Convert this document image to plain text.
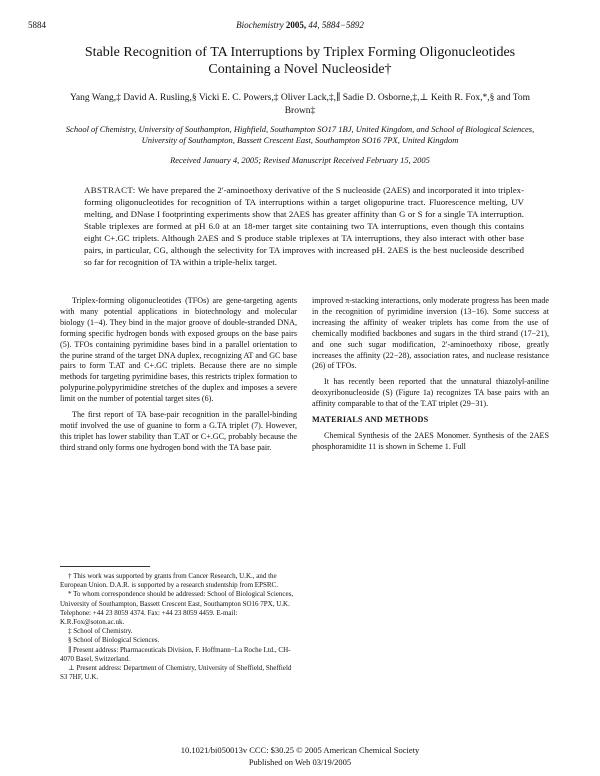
5884	Biochemistry 2005, 44, 5884−5892
Stable Recognition of TA Interruptions by Triplex Forming Oligonucleotides Containing a Novel Nucleoside†
Yang Wang,‡ David A. Rusling,§ Vicki E. C. Powers,‡ Oliver Lack,‡,∥ Sadie D. Osborne,‡,⊥ Keith R. Fox,*,§ and Tom Brown‡
School of Chemistry, University of Southampton, Highfield, Southampton SO17 1BJ, United Kingdom, and School of Biological Sciences, University of Southampton, Bassett Crescent East, Southampton SO16 7PX, United Kingdom
Received January 4, 2005; Revised Manuscript Received February 15, 2005
ABSTRACT: We have prepared the 2′-aminoethoxy derivative of the S nucleoside (2AES) and incorporated it into triplex-forming oligonucleotides for recognition of TA interruptions within a target oligopurine tract. Fluorescence melting, UV melting, and DNase I footprinting experiments show that 2AES has greater affinity than G or S for a single TA interruption. Stable triplexes are formed at pH 6.0 at an 18-mer target site containing two TA interruptions, even though this contains eight C+.GC triplets. Although 2AES and S produce stable triplexes at TA interruptions, they also interact with other base pairs, in particular, CG, although the selectivity for TA improves with increased pH. 2AES is the best nucleoside described so far for recognition of TA within a triple-helix target.

Triplex-forming oligonucleotides (TFOs) are gene-targeting agents with many potential applications in biotechnology and molecular biology (1−4). They bind in the major groove of double-stranded DNA, forming specific hydrogen bonds with exposed groups on the base pairs (5). TFOs containing pyrimidine bases bind in a parallel orientation to the purine strand of the target DNA duplex, recognizing AT and GC base pairs to form T.AT and C+.GC triplets. Because there are no simple methods for targeting pyrimidine bases, this restricts triplex formation to polypurine.polypyrimidine stretches of the duplex and imposes a severe limit on the number of potential target sites (6).

The first report of TA base-pair recognition in the parallel-binding motif involved the use of guanine to form a G.TA triplet (7). However, this triplet has lower stability than T.AT or C+.GC, probably because the third strand only forms one hydrogen bond with the TA base pair.

† This work was supported by grants from Cancer Research, U.K., and the European Union. D.A.R. is supported by a research studentship from EPSRC.
* To whom correspondence should be addressed: School of Biological Sciences, University of Southampton, Bassett Crescent East, Southampton SO16 7PX, U.K. Telephone: +44 23 8059 4374. Fax: +44 23 8059 4459. E-mail: K.R.Fox@soton.ac.uk.
‡ School of Chemistry.
§ School of Biological Sciences.
∥ Present address: Pharmaceuticals Division, F. Hoffmann−La Roche Ltd., CH-4070 Basel, Switzerland.
⊥ Present address: Department of Chemistry, University of Sheffield, Sheffield S3 7HF, U.K.

improved π-stacking interactions, only moderate progress has been made in the recognition of pyrimidine inversion (13−16). Some success at increasing the affinity of weaker triplets has come from the use of chemically modified backbones and sugars in the third strand (17−21), and one such sugar modification, 2′-aminoethoxy ribose, greatly increases the affinity (22−28), association rates, and nuclease resistance (26) of TFOs.

It has recently been reported that the unnatural thiazolyl-aniline deoxyribonucleoside (S) (Figure 1a) recognizes TA base pairs with an affinity comparable to that of the T.AT triplet (29−31).

MATERIALS AND METHODS

Chemical Synthesis of the 2AES Monomer. Synthesis of the 2AES phosphoramidite 11 is shown in Scheme 1. Full

10.1021/bi050013v CCC: $30.25 © 2005 American Chemical Society
Published on Web 03/19/2005
